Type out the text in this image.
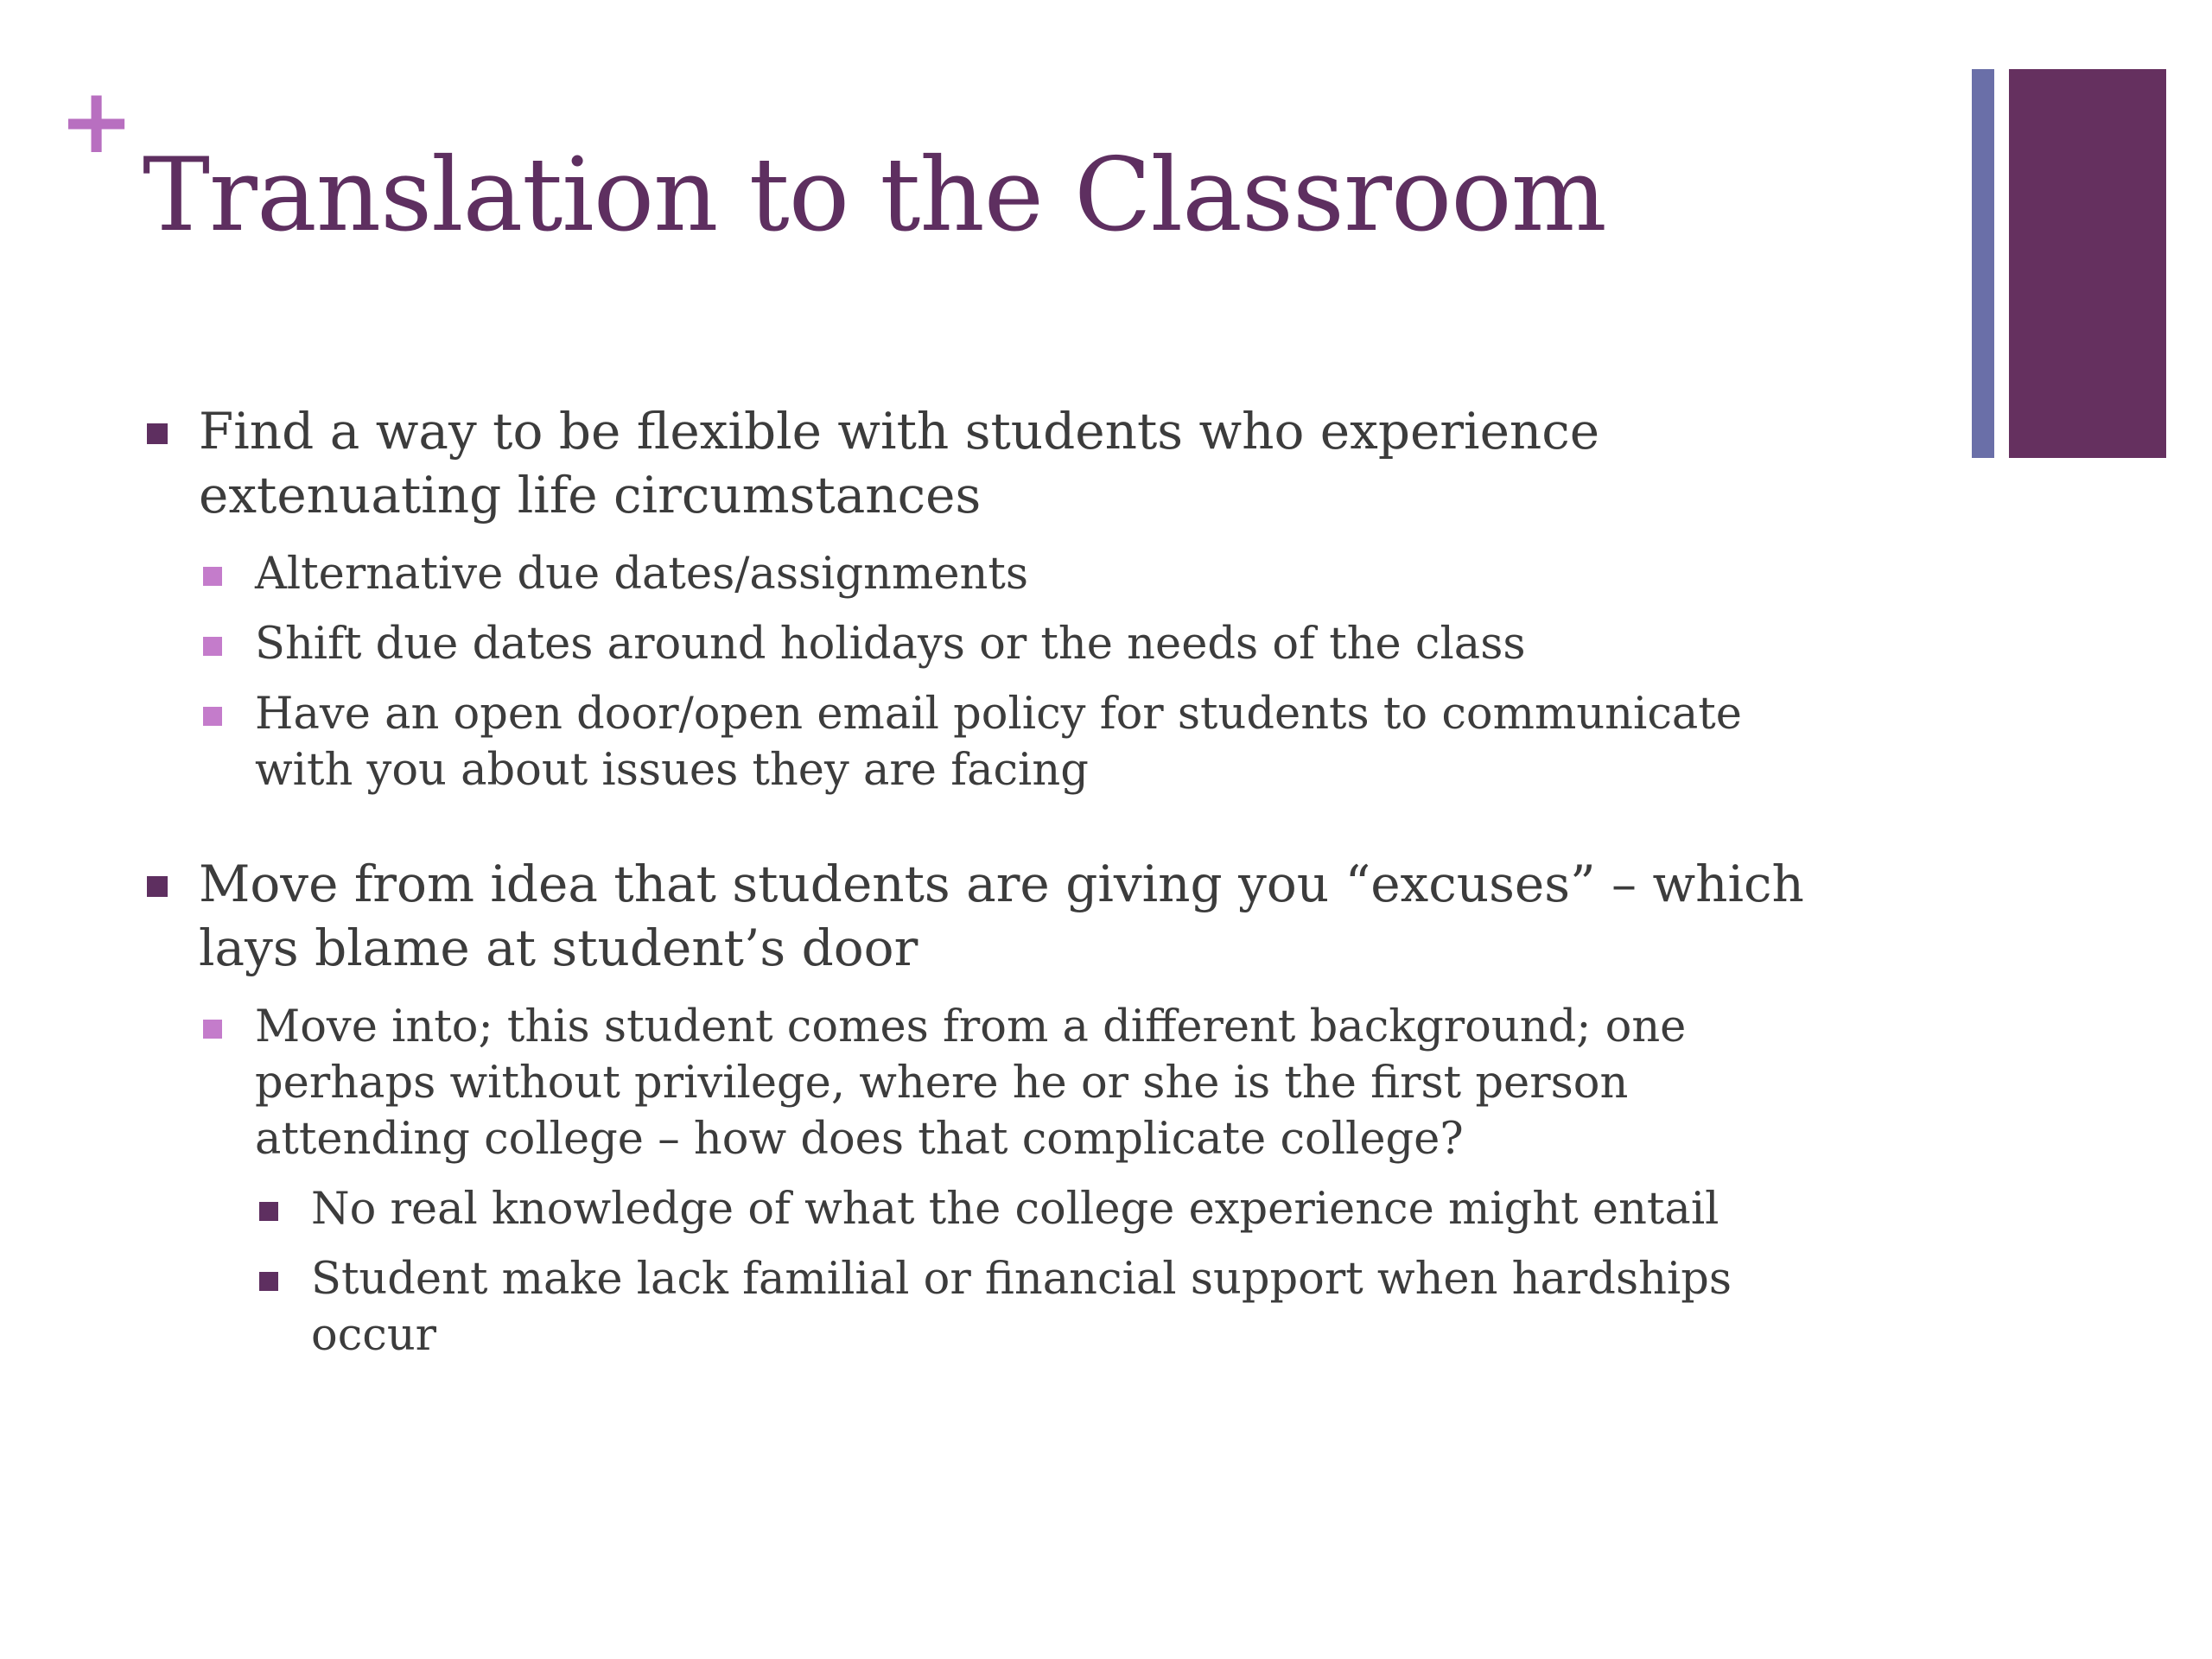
+
Translation to the Classroom
Find a way to be flexible with students who experience
extenuating life circumstances
Alternative due dates/assignments
Shift due dates around holidays or the needs of the class
Have an open door/open email policy for students to communicate
with you about issues they are facing
Move from idea that students are giving you “excuses” – which
lays blame at student’s door
Move into; this student comes from a different background; one
perhaps without privilege, where he or she is the first person
attending college – how does that complicate college?
No real knowledge of what the college experience might entail
Student make lack familial or financial support when hardships
occur
